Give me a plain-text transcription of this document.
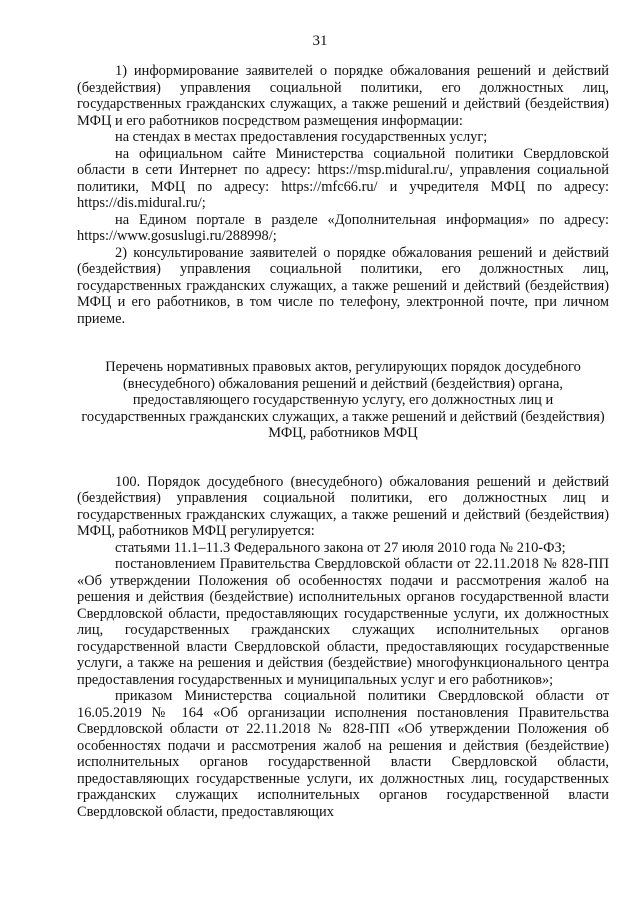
31

1) информирование заявителей о порядке обжалования решений и действий (бездействия) управления социальной политики, его должностных лиц, государственных гражданских служащих, а также решений и действий (бездействия) МФЦ и его работников посредством размещения информации:

на стендах в местах предоставления государственных услуг;

на официальном сайте Министерства социальной политики Свердловской области в сети Интернет по адресу: https://msp.midural.ru/, управления социальной политики, МФЦ по адресу: https://mfc66.ru/ и учредителя МФЦ по адресу: https://dis.midural.ru/;

на Едином портале в разделе «Дополнительная информация» по адресу: https://www.gosuslugi.ru/288998/;

2) консультирование заявителей о порядке обжалования решений и действий (бездействия) управления социальной политики, его должностных лиц, государственных гражданских служащих, а также решений и действий (бездействия) МФЦ и его работников, в том числе по телефону, электронной почте, при личном приеме.

Перечень нормативных правовых актов, регулирующих порядок досудебного (внесудебного) обжалования решений и действий (бездействия) органа, предоставляющего государственную услугу, его должностных лиц и государственных гражданских служащих, а также решений и действий (бездействия) МФЦ, работников МФЦ

100. Порядок досудебного (внесудебного) обжалования решений и действий (бездействия) управления социальной политики, его должностных лиц и государственных гражданских служащих, а также решений и действий (бездействия) МФЦ, работников МФЦ регулируется:

статьями 11.1–11.3 Федерального закона от 27 июля 2010 года № 210-ФЗ;

постановлением Правительства Свердловской области от 22.11.2018 № 828-ПП «Об утверждении Положения об особенностях подачи и рассмотрения жалоб на решения и действия (бездействие) исполнительных органов государственной власти Свердловской области, предоставляющих государственные услуги, их должностных лиц, государственных гражданских служащих исполнительных органов государственной власти Свердловской области, предоставляющих государственные услуги, а также на решения и действия (бездействие) многофункционального центра предоставления государственных и муниципальных услуг и его работников»;

приказом Министерства социальной политики Свердловской области от 16.05.2019 № 164 «Об организации исполнения постановления Правительства Свердловской области от 22.11.2018 № 828-ПП «Об утверждении Положения об особенностях подачи и рассмотрения жалоб на решения и действия (бездействие) исполнительных органов государственной власти Свердловской области, предоставляющих государственные услуги, их должностных лиц, государственных гражданских служащих исполнительных органов государственной власти Свердловской области, предоставляющих
